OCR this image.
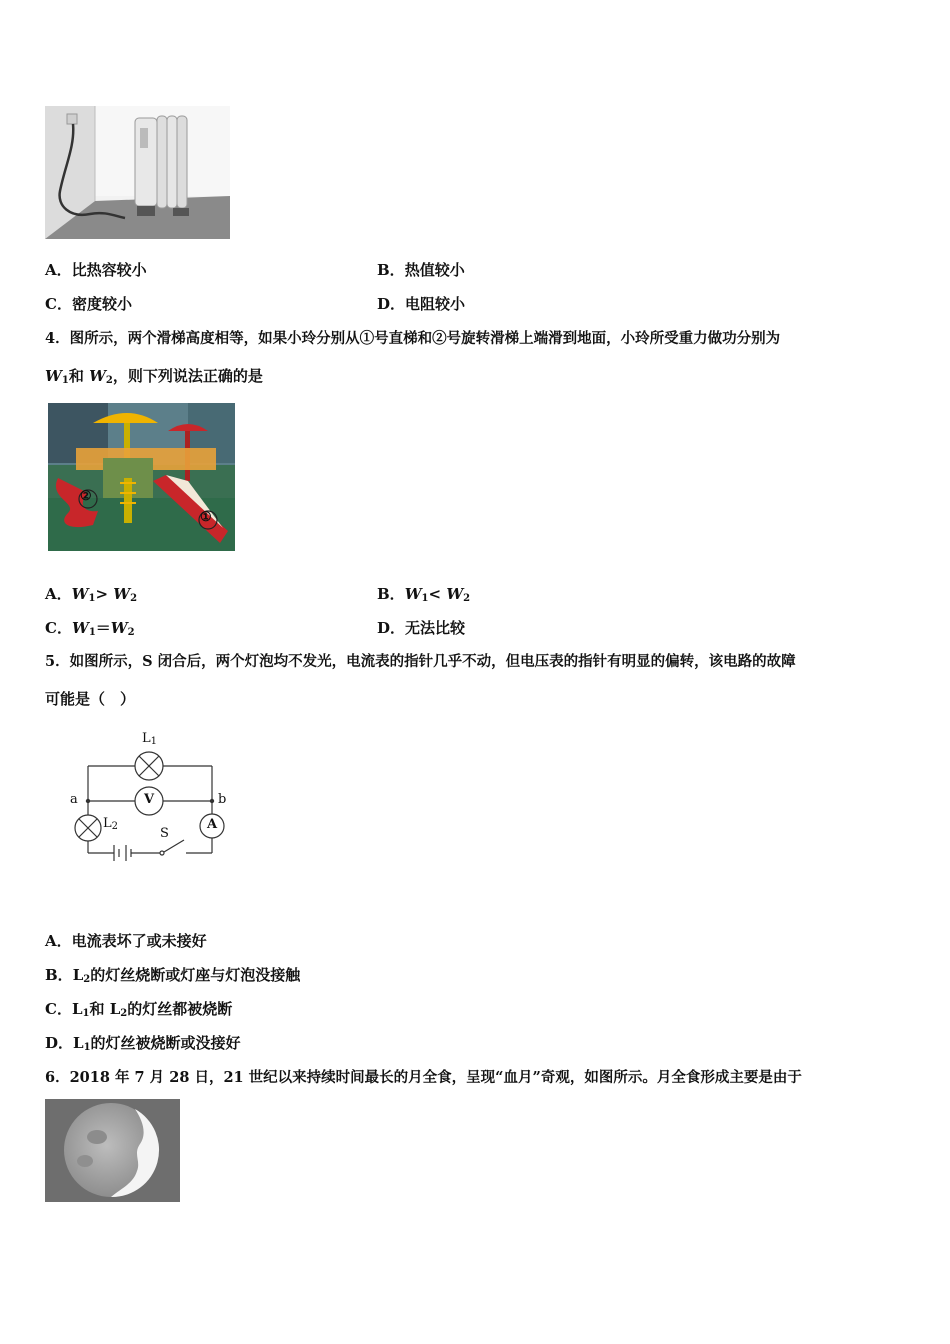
A．比热容较小	B．热值较小
C．密度较小	D．电阻较小
4．图所示，两个滑梯高度相等，如果小玲分别从①号直梯和②号旋转滑梯上端滑到地面，小玲所受重力做功分别为
$W_1$和 $W_2$，则下列说法正确的是
②
①
A．$W_1> W_2$	B．$W_1< W_2$
C．$W_1=W_2$	D．无法比较
5．如图所示，S 闭合后，两个灯泡均不发光，电流表的指针几乎不动，但电压表的指针有明显的偏转，该电路的故障
可能是（　）
$L_1$
V
a	b
$L_2$	A
S
A．电流表坏了或未接好
B．$L_2$的灯丝烧断或灯座与灯泡没接触
C．$L_1$和 $L_2$的灯丝都被烧断
D．$L_1$的灯丝被烧断或没接好
6．2018 年 7 月 28 日，21 世纪以来持续时间最长的月全食，呈现“血月”奇观，如图所示。月全食形成主要是由于
